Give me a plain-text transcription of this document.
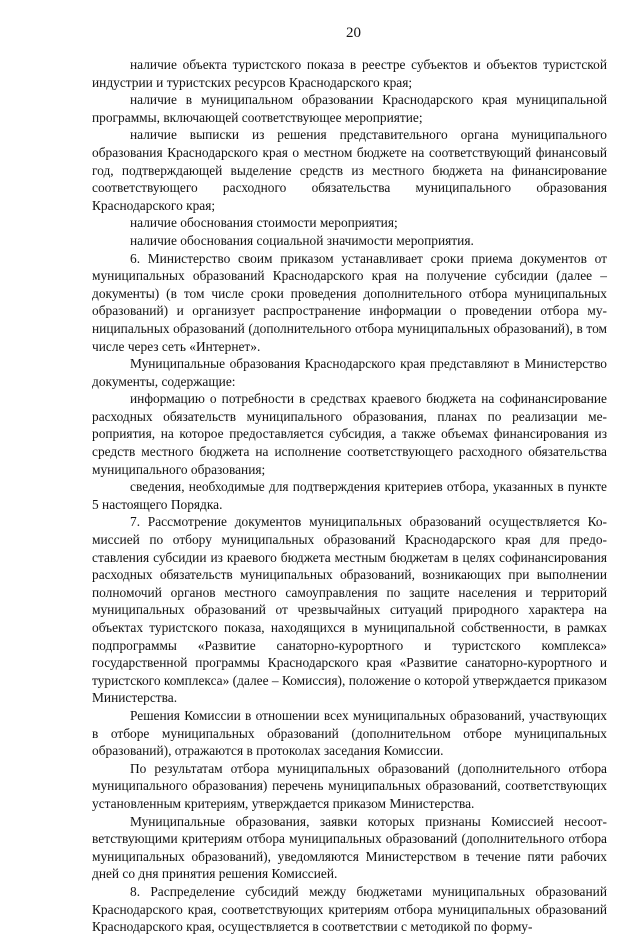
20

наличие объекта туристского показа в реестре субъектов и объектов туристской индустрии и туристских ресурсов Краснодарского края;

наличие в муниципальном образовании Краснодарского края муниципальной программы, включающей соответствующее мероприятие;

наличие выписки из решения представительного органа муниципального образования Краснодарского края о местном бюджете на соответствующий финансовый год, подтверждающей выделение средств из местного бюджета на финансирование соответствующего расходного обязательства муниципального образования Краснодарского края;

наличие обоснования стоимости мероприятия;

наличие обоснования социальной значимости мероприятия.

6. Министерство своим приказом устанавливает сроки приема документов от муниципальных образований Краснодарского края на получение субсидии (далее – документы) (в том числе сроки проведения дополнительного отбора муниципальных образований) и организует распространение информации о проведении отбора муниципальных образований (дополнительного отбора муниципальных образований), в том числе через сеть «Интернет».

Муниципальные образования Краснодарского края представляют в Министерство документы, содержащие:

информацию о потребности в средствах краевого бюджета на софинансирование расходных обязательств муниципального образования, планах по реализации мероприятия, на которое предоставляется субсидия, а также объемах финансирования из средств местного бюджета на исполнение соответствующего расходного обязательства муниципального образования;

сведения, необходимые для подтверждения критериев отбора, указанных в пункте 5 настоящего Порядка.

7. Рассмотрение документов муниципальных образований осуществляется Комиссией по отбору муниципальных образований Краснодарского края для предоставления субсидии из краевого бюджета местным бюджетам в целях софинансирования расходных обязательств муниципальных образований, возникающих при выполнении полномочий органов местного самоуправления по защите населения и территорий муниципальных образований от чрезвычайных ситуаций природного характера на объектах туристского показа, находящихся в муниципальной собственности, в рамках подпрограммы «Развитие санаторно-курортного и туристского комплекса» государственной программы Краснодарского края «Развитие санаторно-курортного и туристского комплекса» (далее – Комиссия), положение о которой утверждается приказом Министерства.

Решения Комиссии в отношении всех муниципальных образований, участвующих в отборе муниципальных образований (дополнительном отборе муниципальных образований), отражаются в протоколах заседания Комиссии.

По результатам отбора муниципальных образований (дополнительного отбора муниципального образования) перечень муниципальных образований, соответствующих установленным критериям, утверждается приказом Министерства.

Муниципальные образования, заявки которых признаны Комиссией несоответствующими критериям отбора муниципальных образований (дополнительного отбора муниципальных образований), уведомляются Министерством в течение пяти рабочих дней со дня принятия решения Комиссией.

8. Распределение субсидий между бюджетами муниципальных образований Краснодарского края, соответствующих критериям отбора муниципальных образований Краснодарского края, осуществляется в соответствии с методикой по форму-
